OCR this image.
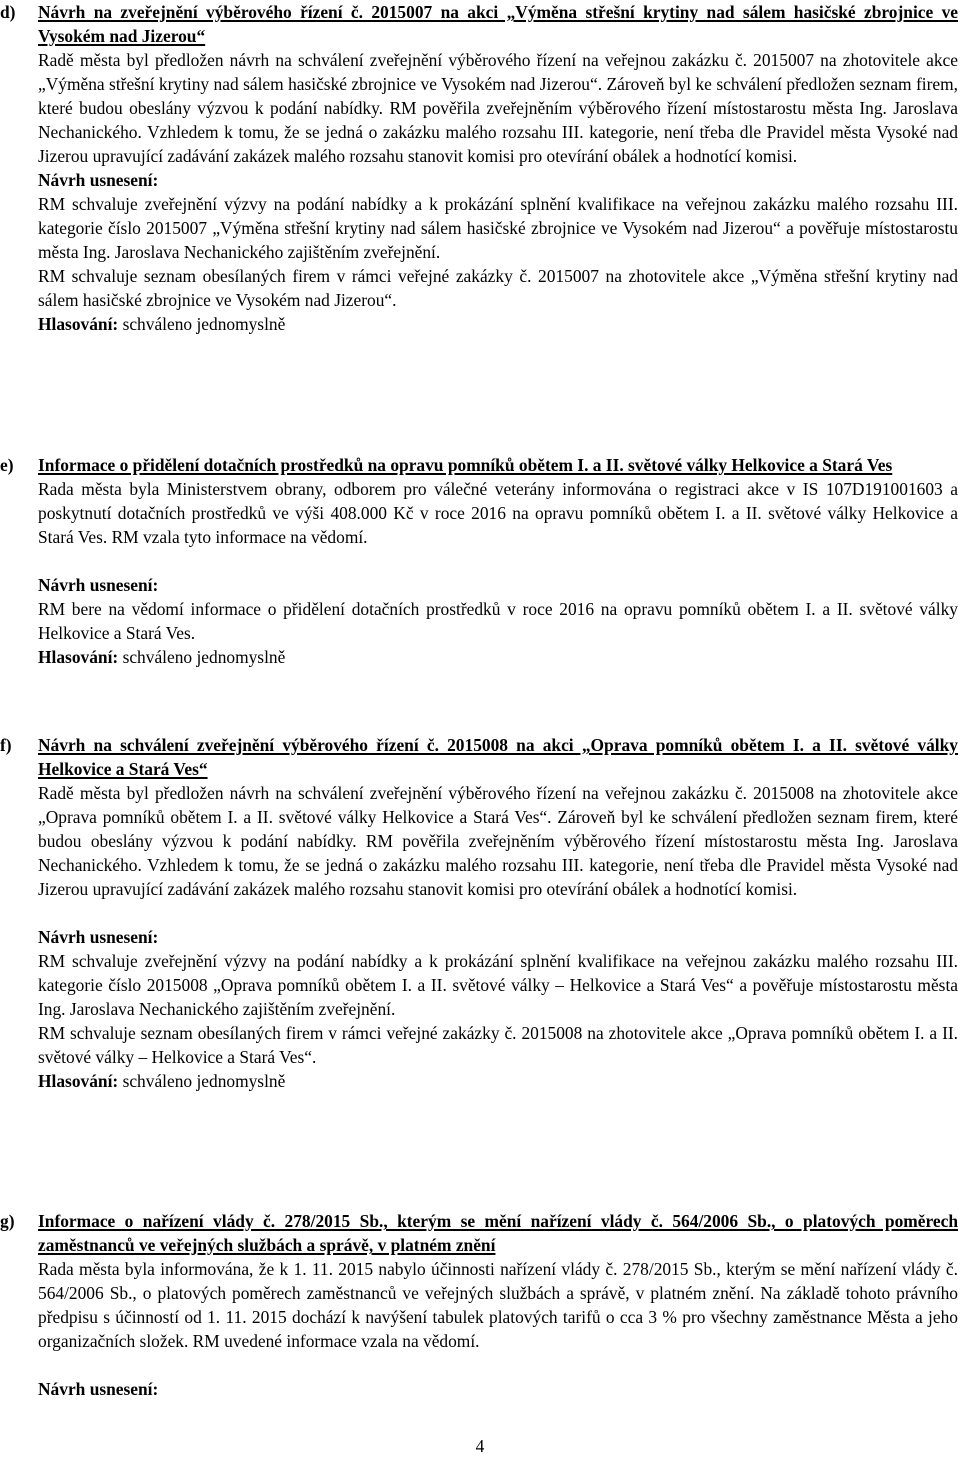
d) Návrh na zveřejnění výběrového řízení č. 2015007 na akci „Výměna střešní krytiny nad sálem hasičské zbrojnice ve Vysokém nad Jizerou“

Radě města byl předložen návrh na schválení zveřejnění výběrového řízení na veřejnou zakázku č. 2015007 na zhotovitele akce „Výměna střešní krytiny nad sálem hasičské zbrojnice ve Vysokém nad Jizerou“. Zároveň byl ke schválení předložen seznam firem, které budou obeslány výzvou k podání nabídky. RM pověřila zveřejněním výběrového řízení místostarostu města Ing. Jaroslava Nechanického. Vzhledem k tomu, že se jedná o zakázku malého rozsahu III. kategorie, není třeba dle Pravidel města Vysoké nad Jizerou upravující zadávání zakázek malého rozsahu stanovit komisi pro otevírání obálek a hodnotící komisi.

Návrh usnesení:

RM schvaluje zveřejnění výzvy na podání nabídky a k prokázání splnění kvalifikace na veřejnou zakázku malého rozsahu III. kategorie číslo 2015007 „Výměna střešní krytiny nad sálem hasičské zbrojnice ve Vysokém nad Jizerou“ a pověřuje místostarostu města Ing. Jaroslava Nechanického zajištěním zveřejnění.

RM schvaluje seznam obesílaných firem v rámci veřejné zakázky č. 2015007 na zhotovitele akce „Výměna střešní krytiny nad sálem hasičské zbrojnice ve Vysokém nad Jizerou“.

Hlasování: schváleno jednomyslně

e) Informace o přidělení dotačních prostředků na opravu pomníků obětem I. a II. světové války Helkovice a Stará Ves

Rada města byla Ministerstvem obrany, odborem pro válečné veterány informována o registraci akce v IS 107D191001603 a poskytnutí dotačních prostředků ve výši 408.000 Kč v roce 2016 na opravu pomníků obětem I. a II. světové války Helkovice a Stará Ves. RM vzala tyto informace na vědomí.

Návrh usnesení:

RM bere na vědomí informace o přidělení dotačních prostředků v roce 2016 na opravu pomníků obětem I. a II. světové války Helkovice a Stará Ves.

Hlasování: schváleno jednomyslně

f) Návrh na schválení zveřejnění výběrového řízení č. 2015008 na akci „Oprava pomníků obětem I. a II. světové války Helkovice a Stará Ves“

Radě města byl předložen návrh na schválení zveřejnění výběrového řízení na veřejnou zakázku č. 2015008 na zhotovitele akce „Oprava pomníků obětem I. a II. světové války Helkovice a Stará Ves“. Zároveň byl ke schválení předložen seznam firem, které budou obeslány výzvou k podání nabídky. RM pověřila zveřejněním výběrového řízení místostarostu města Ing. Jaroslava Nechanického. Vzhledem k tomu, že se jedná o zakázku malého rozsahu III. kategorie, není třeba dle Pravidel města Vysoké nad Jizerou upravující zadávání zakázek malého rozsahu stanovit komisi pro otevírání obálek a hodnotící komisi.

Návrh usnesení:

RM schvaluje zveřejnění výzvy na podání nabídky a k prokázání splnění kvalifikace na veřejnou zakázku malého rozsahu III. kategorie číslo 2015008 „Oprava pomníků obětem I. a II. světové války – Helkovice a Stará Ves“ a pověřuje místostarostu města Ing. Jaroslava Nechanického zajištěním zveřejnění.

RM schvaluje seznam obesílaných firem v rámci veřejné zakázky č. 2015008 na zhotovitele akce „Oprava pomníků obětem I. a II. světové války – Helkovice a Stará Ves“.

Hlasování: schváleno jednomyslně

g) Informace o nařízení vlády č. 278/2015 Sb., kterým se mění nařízení vlády č. 564/2006 Sb., o platových poměrech zaměstnanců ve veřejných službách a správě, v platném znění

Rada města byla informována, že k 1. 11. 2015 nabylo účinnosti nařízení vlády č. 278/2015 Sb., kterým se mění nařízení vlády č. 564/2006 Sb., o platových poměrech zaměstnanců ve veřejných službách a správě, v platném znění. Na základě tohoto právního předpisu s účinností od 1. 11. 2015 dochází k navýšení tabulek platových tarifů o cca 3 % pro všechny zaměstnance Města a jeho organizačních složek. RM uvedené informace vzala na vědomí.

Návrh usnesení:

4
